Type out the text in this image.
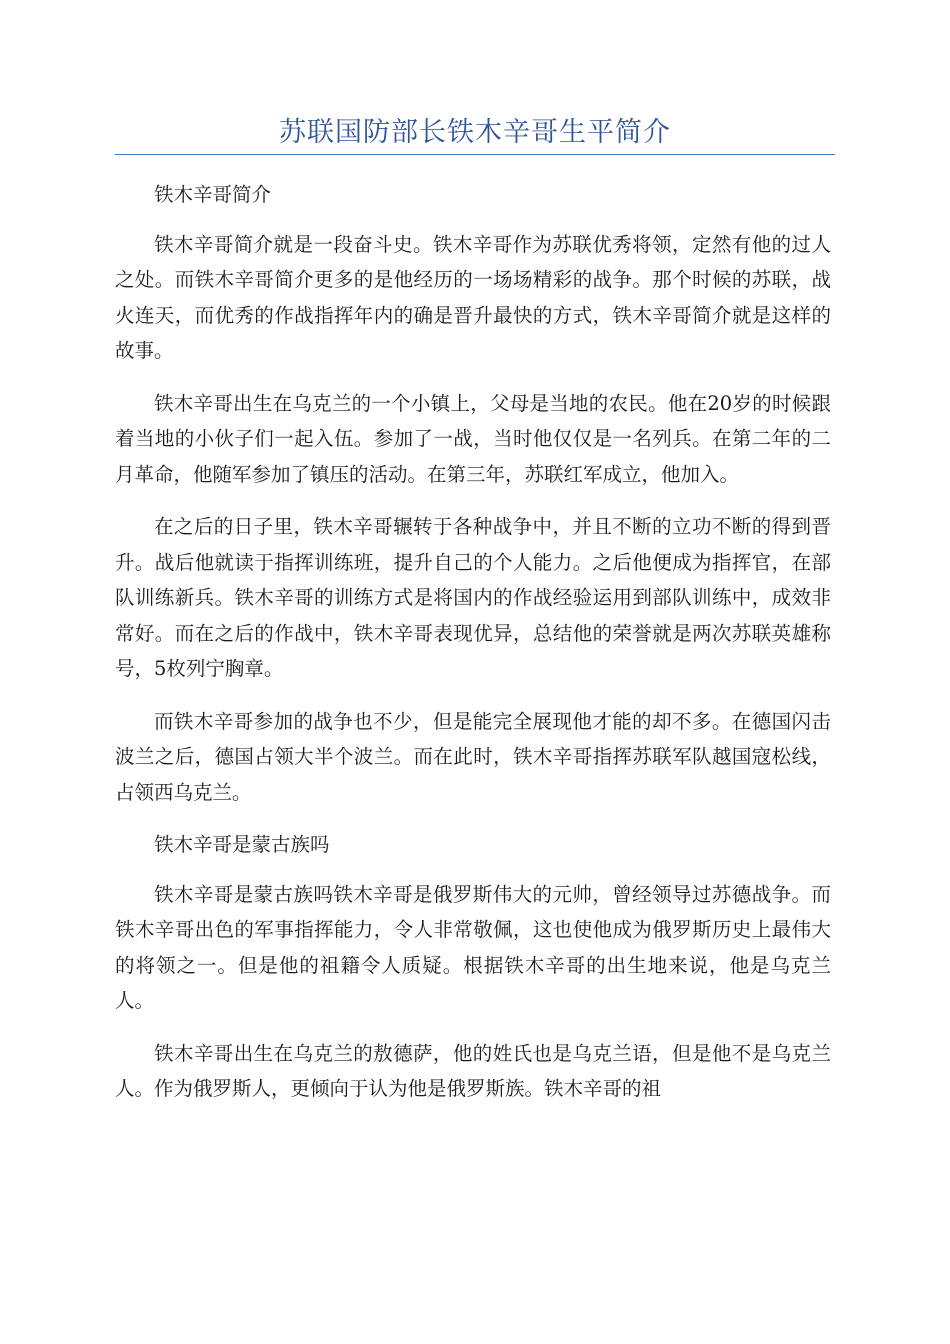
苏联国防部长铁木辛哥生平简介

铁木辛哥简介

铁木辛哥简介就是一段奋斗史。铁木辛哥作为苏联优秀将领，定然有他的过人之处。而铁木辛哥简介更多的是他经历的一场场精彩的战争。那个时候的苏联，战火连天，而优秀的作战指挥年内的确是晋升最快的方式，铁木辛哥简介就是这样的故事。

铁木辛哥出生在乌克兰的一个小镇上，父母是当地的农民。他在20岁的时候跟着当地的小伙子们一起入伍。参加了一战，当时他仅仅是一名列兵。在第二年的二月革命，他随军参加了镇压的活动。在第三年，苏联红军成立，他加入。

在之后的日子里，铁木辛哥辗转于各种战争中，并且不断的立功不断的得到晋升。战后他就读于指挥训练班，提升自己的个人能力。之后他便成为指挥官，在部队训练新兵。铁木辛哥的训练方式是将国内的作战经验运用到部队训练中，成效非常好。而在之后的作战中，铁木辛哥表现优异，总结他的荣誉就是两次苏联英雄称号，5枚列宁胸章。

而铁木辛哥参加的战争也不少，但是能完全展现他才能的却不多。在德国闪击波兰之后，德国占领大半个波兰。而在此时，铁木辛哥指挥苏联军队越国寇松线，占领西乌克兰。

铁木辛哥是蒙古族吗

铁木辛哥是蒙古族吗铁木辛哥是俄罗斯伟大的元帅，曾经领导过苏德战争。而铁木辛哥出色的军事指挥能力，令人非常敬佩，这也使他成为俄罗斯历史上最伟大的将领之一。但是他的祖籍令人质疑。根据铁木辛哥的出生地来说，他是乌克兰人。

铁木辛哥出生在乌克兰的敖德萨，他的姓氏也是乌克兰语，但是他不是乌克兰人。作为俄罗斯人，更倾向于认为他是俄罗斯族。铁木辛哥的祖
